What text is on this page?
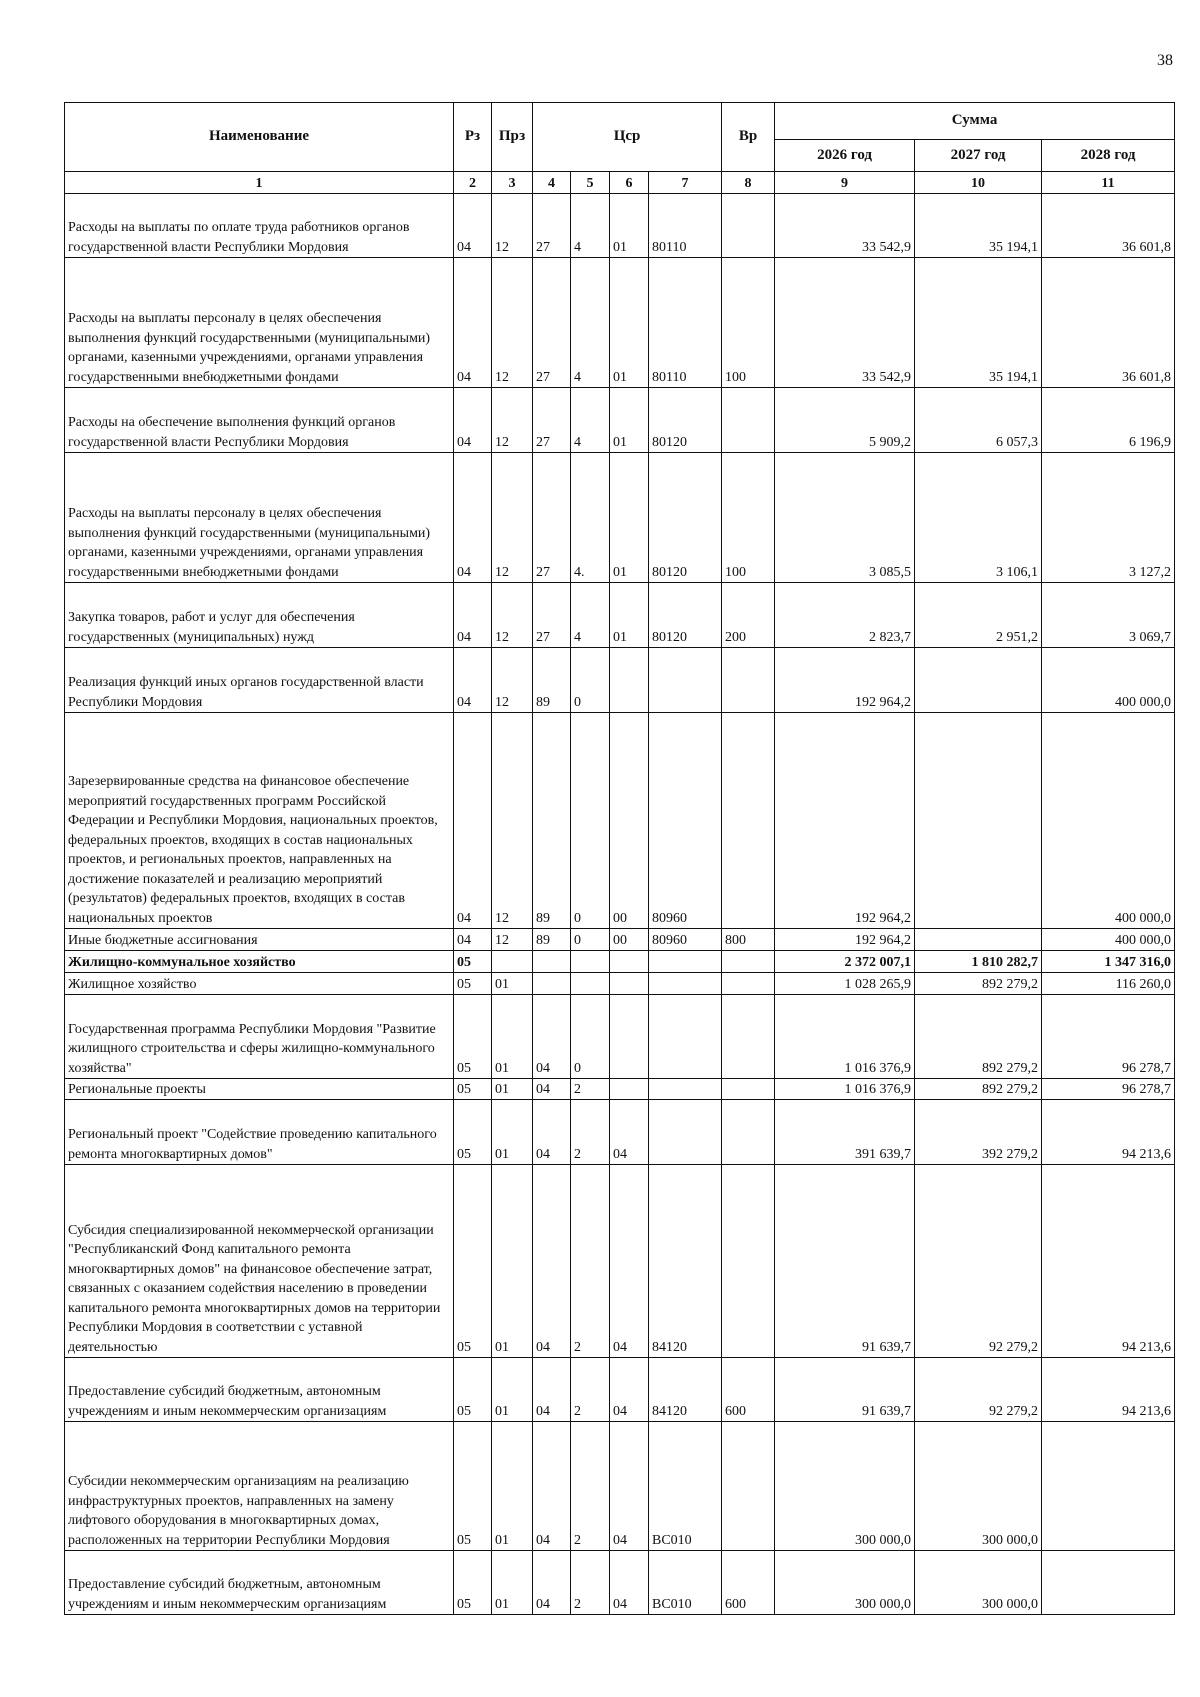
38
Наименование	Рз	Прз	Цср				Вр	Сумма		
								2026 год	2027 год	2028 год
1	2	3	4	5	6	7	8	9	10	11
Расходы на выплаты по оплате труда работников органов государственной власти Республики Мордовия	04	12	27	4	01	80110		33 542,9	35 194,1	36 601,8
Расходы на выплаты персоналу в целях обеспечения выполнения функций государственными (муниципальными) органами, казенными учреждениями, органами управления государственными внебюджетными фондами	04	12	27	4	01	80110	100	33 542,9	35 194,1	36 601,8
Расходы на обеспечение выполнения функций органов государственной власти Республики Мордовия	04	12	27	4	01	80120		5 909,2	6 057,3	6 196,9
Расходы на выплаты персоналу в целях обеспечения выполнения функций государственными (муниципальными) органами, казенными учреждениями, органами управления государственными внебюджетными фондами	04	12	27	4.	01	80120	100	3 085,5	3 106,1	3 127,2
Закупка товаров, работ и услуг для обеспечения государственных (муниципальных) нужд	04	12	27	4	01	80120	200	2 823,7	2 951,2	3 069,7
Реализация функций иных органов государственной власти Республики Мордовия	04	12	89	0				192 964,2		400 000,0
Зарезервированные средства на финансовое обеспечение мероприятий государственных программ Российской Федерации и Республики Мордовия, национальных проектов, федеральных проектов, входящих в состав национальных проектов, и региональных проектов, направленных на достижение показателей и реализацию мероприятий (результатов) федеральных проектов, входящих в состав национальных проектов	04	12	89	0	00	80960		192 964,2		400 000,0
Иные бюджетные ассигнования	04	12	89	0	00	80960	800	192 964,2		400 000,0
Жилищно-коммунальное хозяйство	05							2 372 007,1	1 810 282,7	1 347 316,0
Жилищное хозяйство	05	01						1 028 265,9	892 279,2	116 260,0
Государственная программа Республики Мордовия "Развитие жилищного строительства и сферы жилищно-коммунального хозяйства"	05	01	04	0				1 016 376,9	892 279,2	96 278,7
Региональные проекты	05	01	04	2				1 016 376,9	892 279,2	96 278,7
Региональный проект "Содействие проведению капитального ремонта многоквартирных домов"	05	01	04	2	04			391 639,7	392 279,2	94 213,6
Субсидия специализированной некоммерческой организации "Республиканский Фонд капитального ремонта многоквартирных домов" на финансовое обеспечение затрат, связанных с оказанием содействия населению в проведении капитального ремонта многоквартирных домов на территории Республики Мордовия в соответствии с уставной деятельностью	05	01	04	2	04	84120		91 639,7	92 279,2	94 213,6
Предоставление субсидий бюджетным, автономным учреждениям и иным некоммерческим организациям	05	01	04	2	04	84120	600	91 639,7	92 279,2	94 213,6
Субсидии некоммерческим организациям на реализацию инфраструктурных проектов, направленных на замену лифтового оборудования в многоквартирных домах, расположенных на территории Республики Мордовия	05	01	04	2	04	BC010		300 000,0	300 000,0	
Предоставление субсидий бюджетным, автономным учреждениям и иным некоммерческим организациям	05	01	04	2	04	BC010	600	300 000,0	300 000,0	
